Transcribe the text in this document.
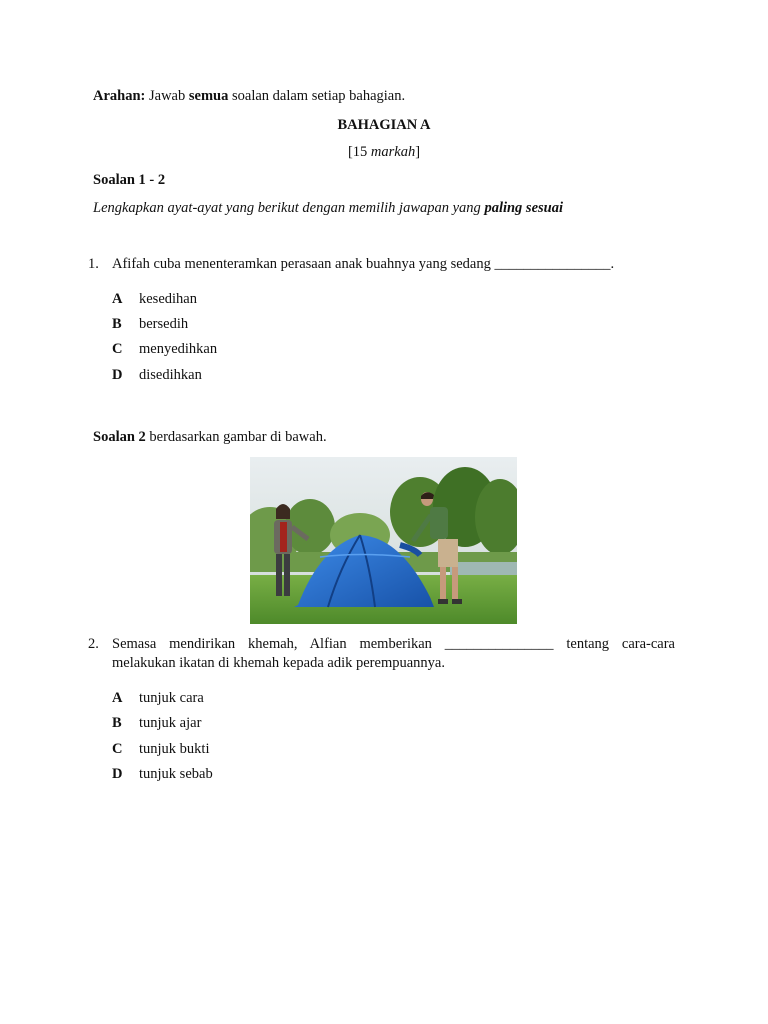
Arahan: Jawab semua soalan dalam setiap bahagian.
BAHAGIAN A
[15 markah]
Soalan 1 - 2
Lengkapkan ayat-ayat yang berikut dengan memilih jawapan yang paling sesuai
1. Afifah cuba menenteramkan perasaan anak buahnya yang sedang ________________.
A kesedihan
B bersedih
C menyedihkan
D disedihkan
Soalan 2 berdasarkan gambar di bawah.
2. Semasa mendirikan khemah, Alfian memberikan _______________ tentang cara-cara
melakukan ikatan di khemah kepada adik perempuannya.
A tunjuk cara
B tunjuk ajar
C tunjuk bukti
D tunjuk sebab
